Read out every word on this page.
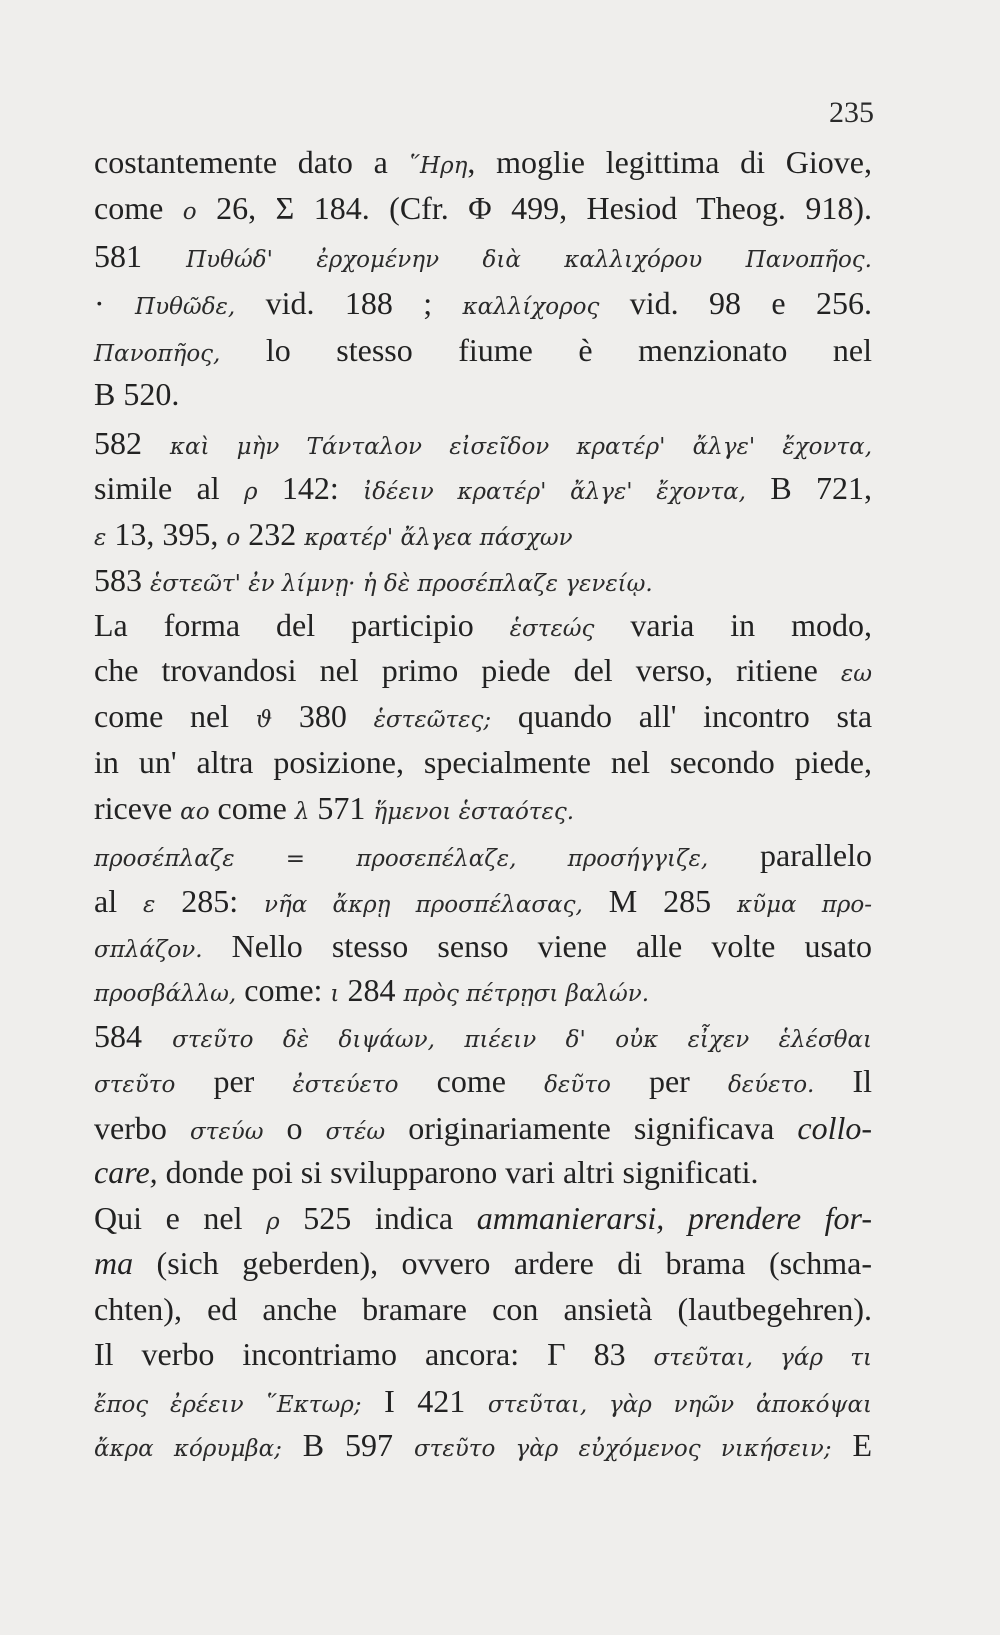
235
costantemente dato a ῞Ηρη, moglie legittima di Giove,
come ο 26, Σ 184. (Cfr. Φ 499, Hesiod Theog. 918).
581 Πυθώδ' ἐρχομένην διὰ καλλιχόρου Πανοπῆος.
· Πυθῶδε, vid. 188 ; καλλίχορος vid. 98 e 256.
Πανοπῆος, lo stesso fiume è menzionato nel
B 520.
582 καὶ μὴν Τάνταλον εἰσεῖδον κρατέρ' ἄλγε' ἔχοντα,
simile al ρ 142: ἰδέειν κρατέρ' ἄλγε' ἔχοντα, B 721,
ε 13, 395, ο 232 κρατέρ' ἄλγεα πάσχων
583 ἑστεῶτ' ἐν λίμνῃ· ἡ δὲ προσέπλαζε γενείῳ.
La forma del participio ἑστεώς varia in modo,
che trovandosi nel primo piede del verso, ritiene εω
come nel ϑ 380 ἑστεῶτες; quando all' incontro sta
in un' altra posizione, specialmente nel secondo piede,
riceve αο come λ 571 ἥμενοι ἑσταότες.
προσέπλαζε = προσεπέλαζε, προσήγγιζε, parallelo
al ε 285: νῆα ἄκρῃ προσπέλασας, M 285 κῦμα προ-
σπλάζον. Nello stesso senso viene alle volte usato
προσβάλλω, come: ι 284 πρὸς πέτρῃσι βαλών.
584 στεῦτο δὲ διψάων, πιέειν δ' οὐκ εἶχεν ἑλέσθαι
στεῦτο per ἐστεύετο come δεῦτο per δεύετο. Il
verbo στεύω o στέω originariamente significava collo-
care, donde poi si svilupparono vari altri significati.
Qui e nel ρ 525 indica ammanierarsi, prendere for-
ma (sich geberden), ovvero ardere di brama (schma-
chten), ed anche bramare con ansietà (lautbegehren).
Il verbo incontriamo ancora: Γ 83 στεῦται, γάρ τι
ἔπος ἐρέειν ῞Εκτωρ; I 421 στεῦται, γὰρ νηῶν ἀποκόψαι
ἄκρα κόρυμβα; B 597 στεῦτο γὰρ εὐχόμενος νικήσειν; E
